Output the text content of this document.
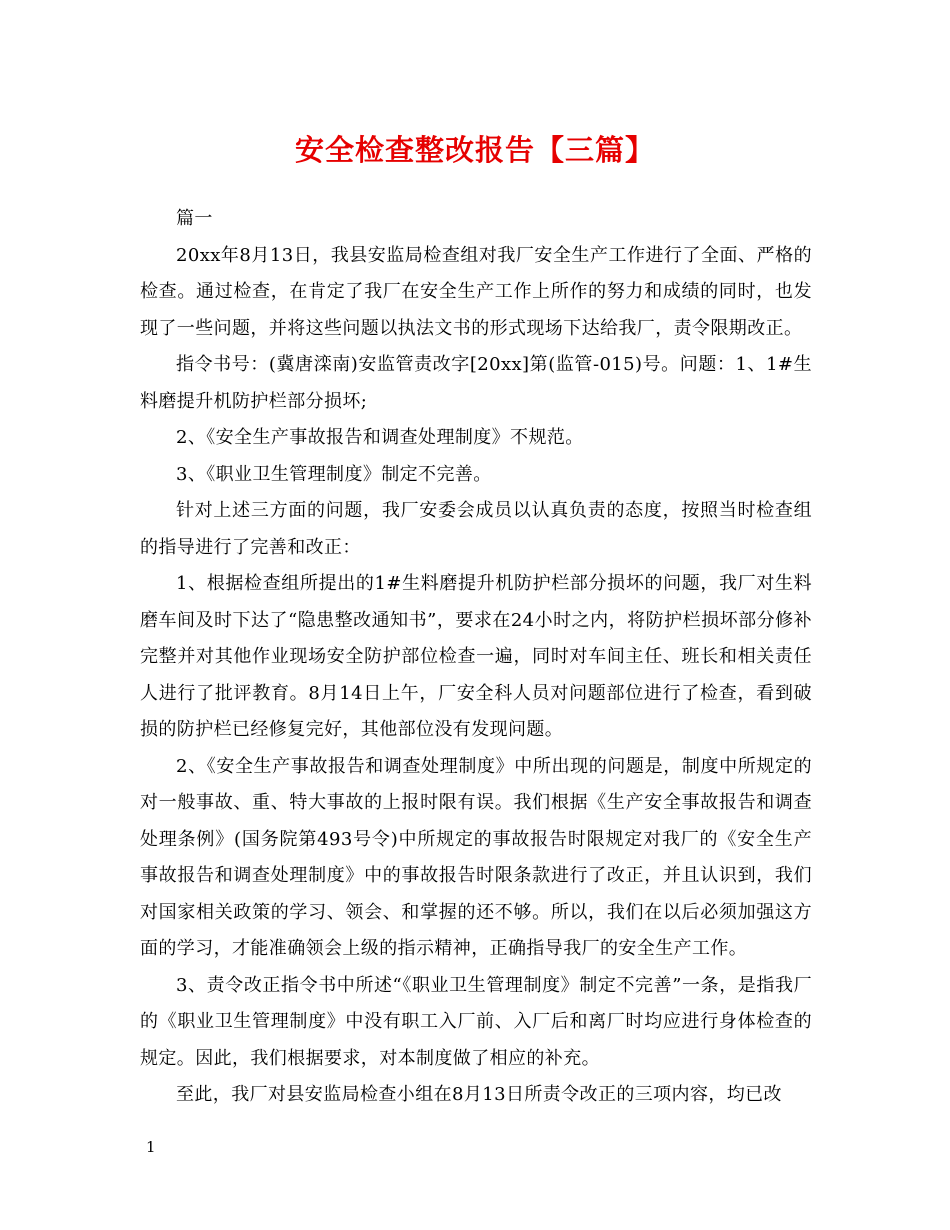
安全检查整改报告【三篇】

篇一

20xx年8月13日，我县安监局检查组对我厂安全生产工作进行了全面、严格的检查。通过检查，在肯定了我厂在安全生产工作上所作的努力和成绩的同时，也发现了一些问题，并将这些问题以执法文书的形式现场下达给我厂，责令限期改正。

指令书号：(冀唐滦南)安监管责改字[20xx]第(监管-015)号。问题：1、1#生料磨提升机防护栏部分损坏;

2、《安全生产事故报告和调查处理制度》不规范。

3、《职业卫生管理制度》制定不完善。

针对上述三方面的问题，我厂安委会成员以认真负责的态度，按照当时检查组的指导进行了完善和改正：

1、根据检查组所提出的1#生料磨提升机防护栏部分损坏的问题，我厂对生料磨车间及时下达了“隐患整改通知书”，要求在24小时之内，将防护栏损坏部分修补完整并对其他作业现场安全防护部位检查一遍，同时对车间主任、班长和相关责任人进行了批评教育。8月14日上午，厂安全科人员对问题部位进行了检查，看到破损的防护栏已经修复完好，其他部位没有发现问题。

2、《安全生产事故报告和调查处理制度》中所出现的问题是，制度中所规定的对一般事故、重、特大事故的上报时限有误。我们根据《生产安全事故报告和调查处理条例》(国务院第493号令)中所规定的事故报告时限规定对我厂的《安全生产事故报告和调查处理制度》中的事故报告时限条款进行了改正，并且认识到，我们对国家相关政策的学习、领会、和掌握的还不够。所以，我们在以后必须加强这方面的学习，才能准确领会上级的指示精神，正确指导我厂的安全生产工作。

3、责令改正指令书中所述“《职业卫生管理制度》制定不完善”一条，是指我厂的《职业卫生管理制度》中没有职工入厂前、入厂后和离厂时均应进行身体检查的规定。因此，我们根据要求，对本制度做了相应的补充。

至此，我厂对县安监局检查小组在8月13日所责令改正的三项内容，均已改

1
